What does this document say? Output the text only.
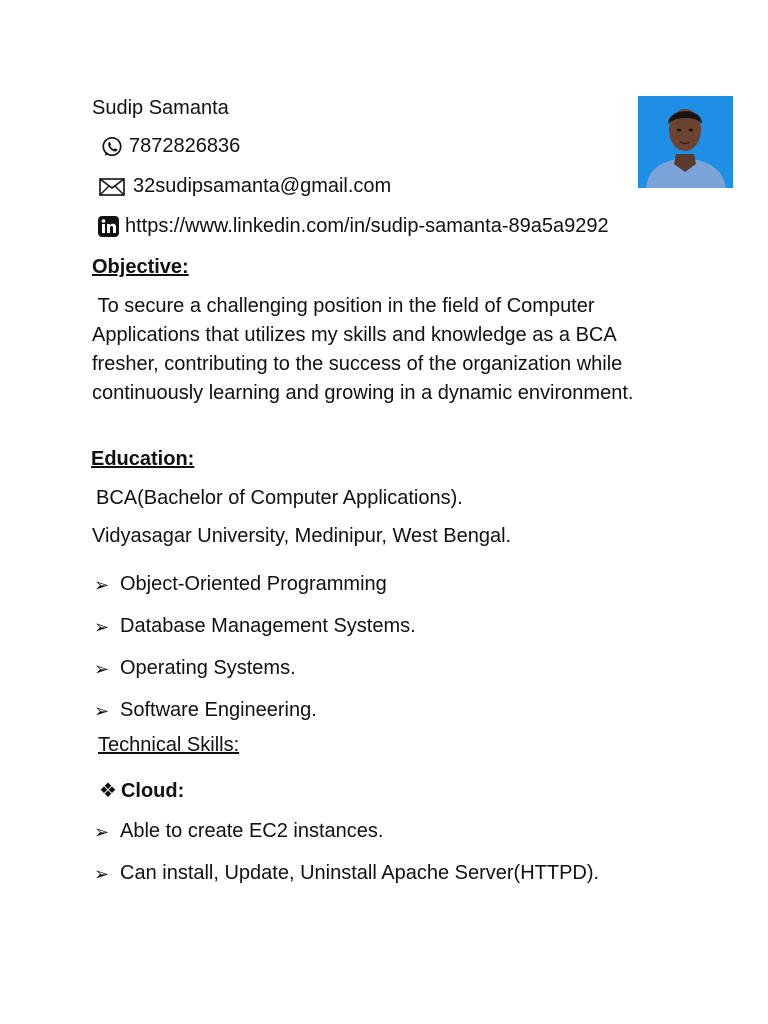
Sudip Samanta
7872826836
32sudipsamanta@gmail.com
https://www.linkedin.com/in/sudip-samanta-89a5a9292
Objective:
To secure a challenging position in the field of Computer Applications that utilizes my skills and knowledge as a BCA fresher, contributing to the success of the organization while continuously learning and growing in a dynamic environment.
Education:
BCA(Bachelor of Computer Applications).
Vidyasagar University, Medinipur, West Bengal.
➢ Object-Oriented Programming
➢ Database Management Systems.
➢ Operating Systems.
➢ Software Engineering.
Technical Skills:
❖ Cloud:
➢ Able to create EC2 instances.
➢ Can install, Update, Uninstall Apache Server(HTTPD).
